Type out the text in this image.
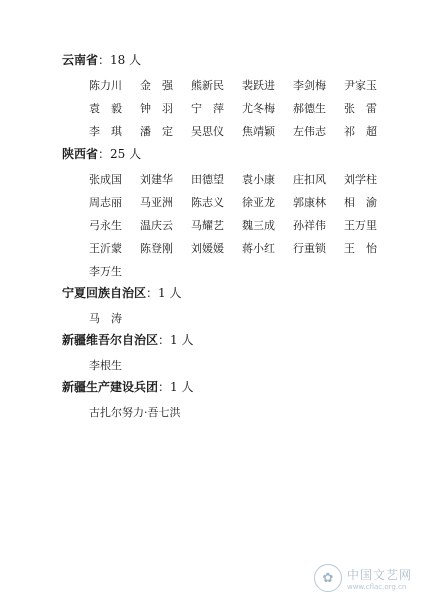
云南省：18 人
陈力川	金　强	熊新民	裴跃进	李剑梅	尹家玉
袁　毅	钟　羽	宁　萍	尤冬梅	郝德生	张　雷
李　琪	潘　定	吴思仪	焦靖颖	左伟志	祁　超
陕西省：25 人
张成国	刘建华	田德望	袁小康	庄扣风	刘学柱
周志丽	马亚洲	陈志义	徐亚龙	郭康林	相　渝
弓永生	温庆云	马耀艺	魏三成	孙祥伟	王万里
王沂蒙	陈登刚	刘媛媛	蒋小红	行重锁	王　怡
李万生
宁夏回族自治区：1 人
马　涛
新疆维吾尔自治区：1 人
李根生
新疆生产建设兵团：1 人
古扎尔努力·吾七洪
✿	中国文艺网
www.cflac.org.cn
